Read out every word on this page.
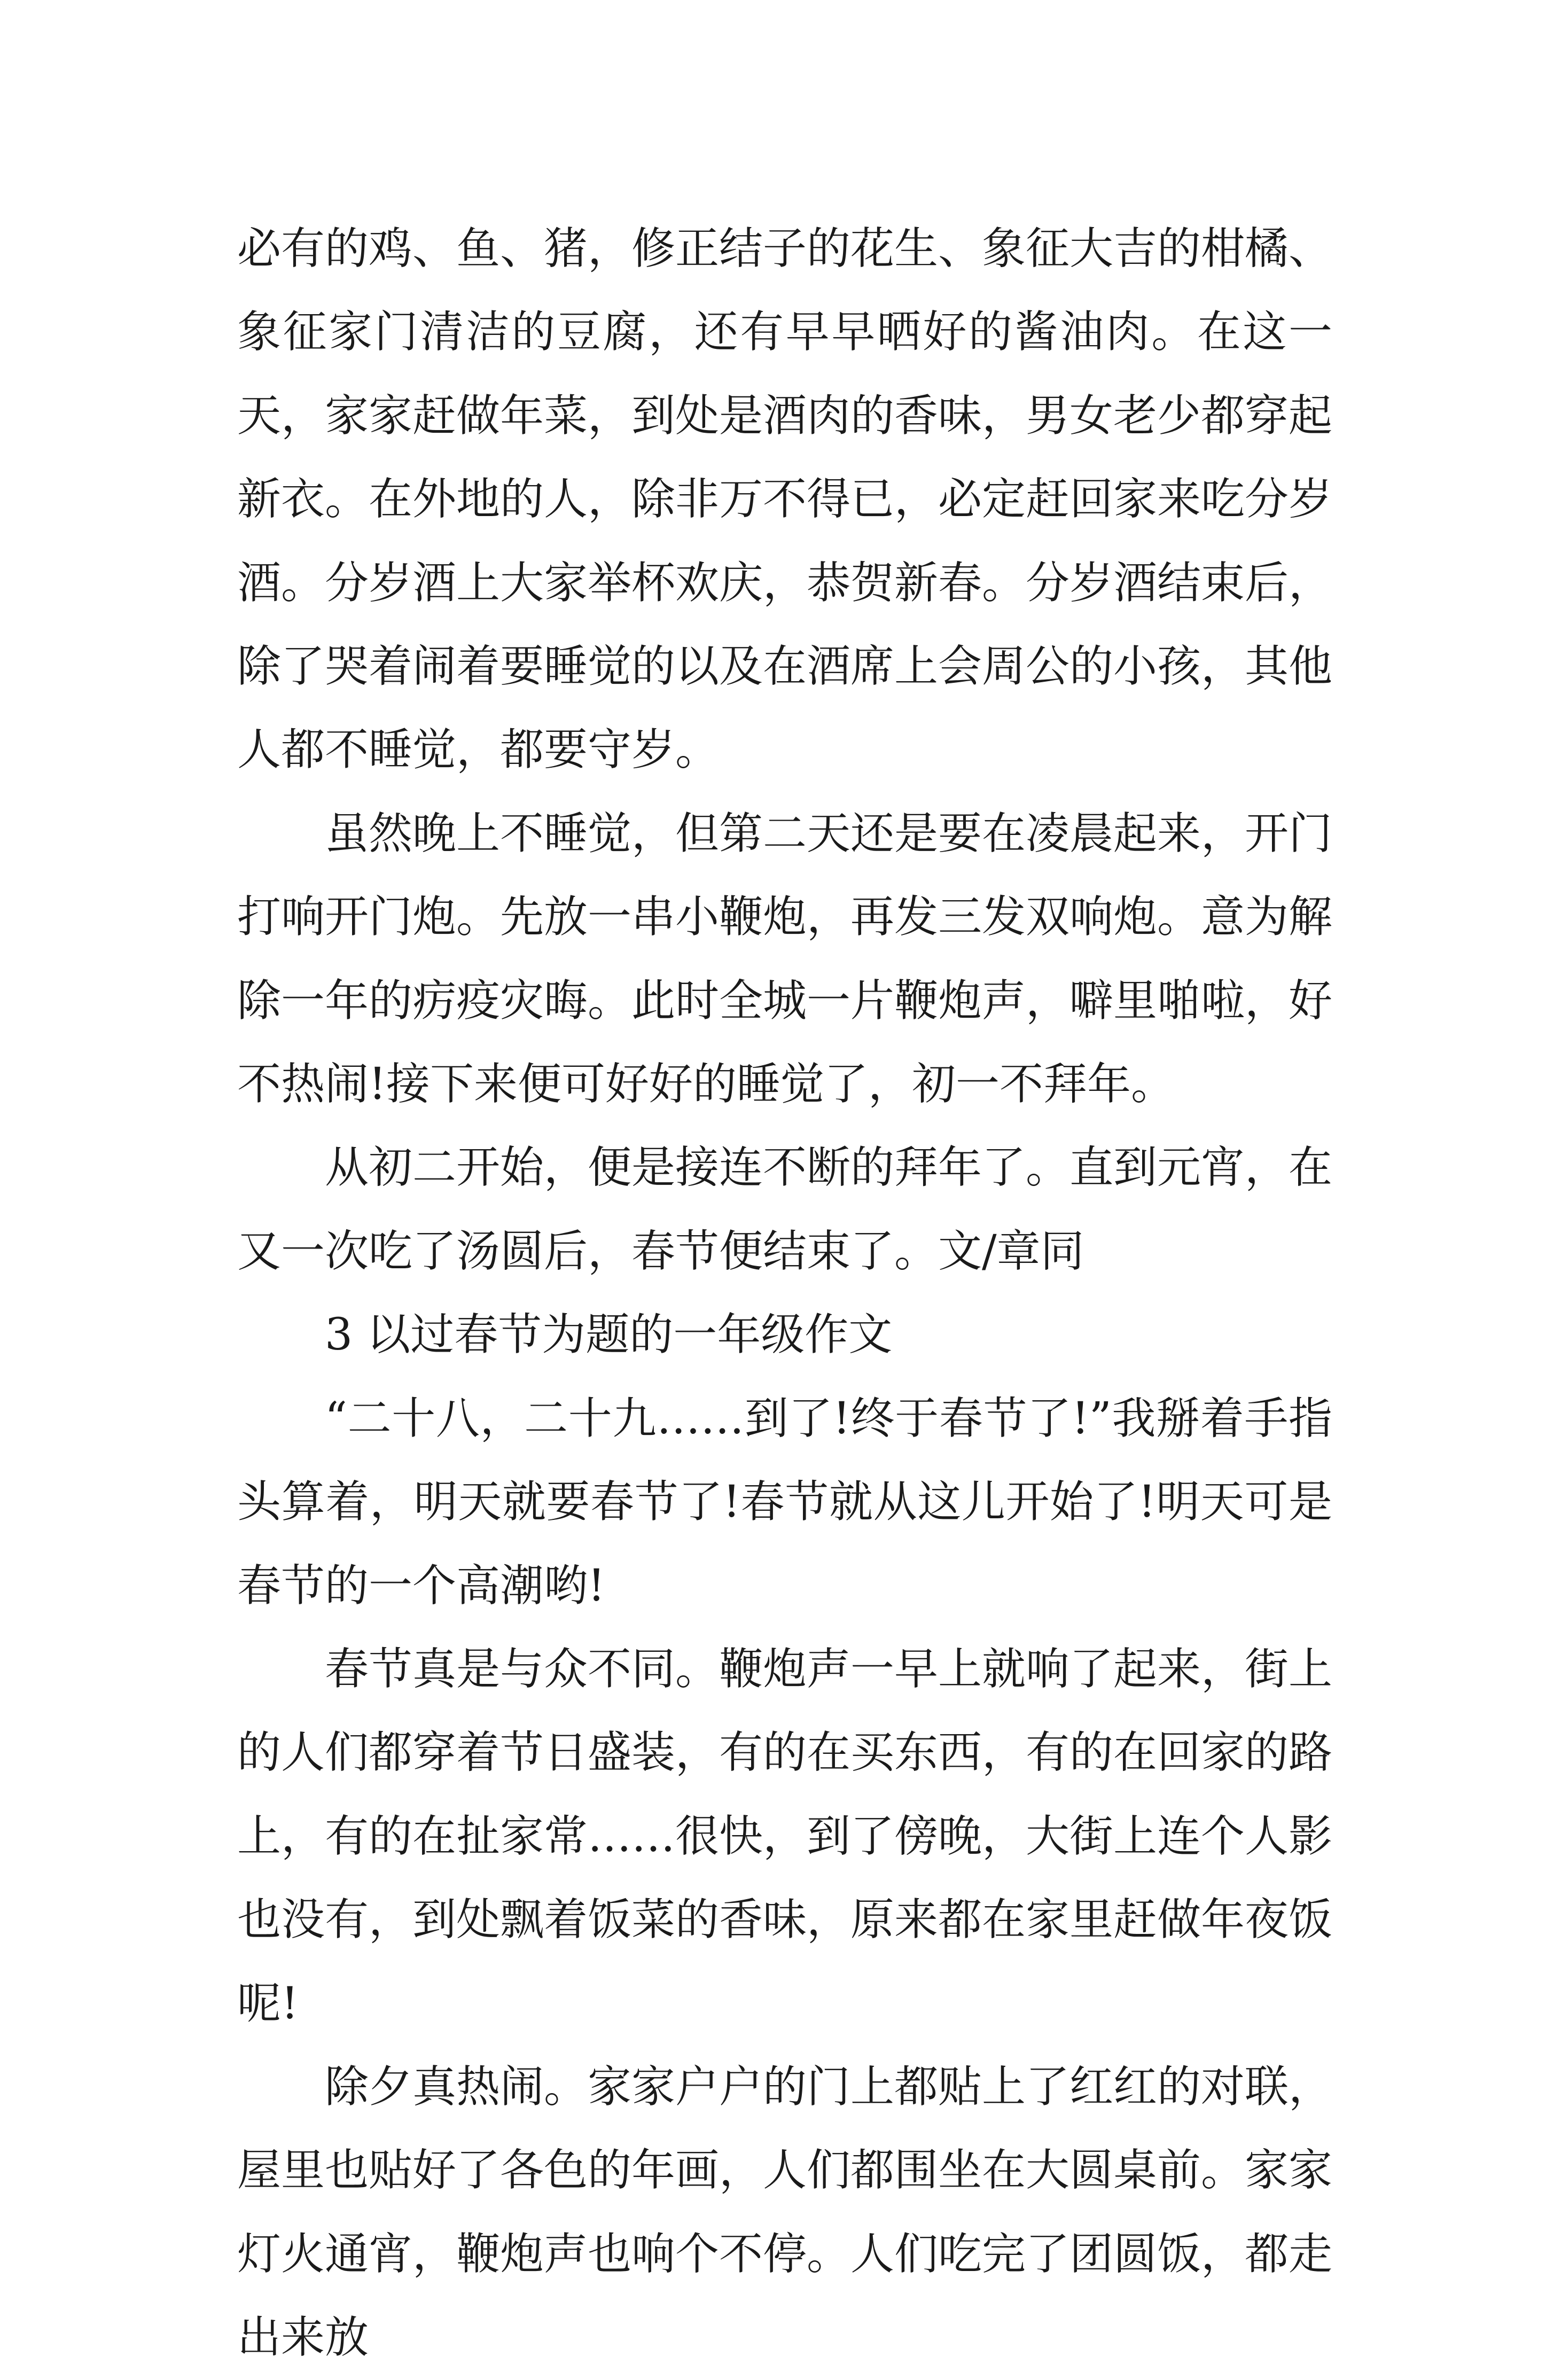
必有的鸡、鱼、猪，修正结子的花生、象征大吉的柑橘、象征家门清洁的豆腐，还有早早晒好的酱油肉。在这一天，家家赶做年菜，到处是酒肉的香味，男女老少都穿起新衣。在外地的人，除非万不得已，必定赶回家来吃分岁酒。分岁酒上大家举杯欢庆，恭贺新春。分岁酒结束后，除了哭着闹着要睡觉的以及在酒席上会周公的小孩，其他人都不睡觉，都要守岁。

虽然晚上不睡觉，但第二天还是要在凌晨起来，开门打响开门炮。先放一串小鞭炮，再发三发双响炮。意为解除一年的疠疫灾晦。此时全城一片鞭炮声，噼里啪啦，好不热闹!接下来便可好好的睡觉了，初一不拜年。

从初二开始，便是接连不断的拜年了。直到元宵，在又一次吃了汤圆后，春节便结束了。文/章同

3 以过春节为题的一年级作文

“二十八，二十九……到了!终于春节了!”我掰着手指头算着，明天就要春节了!春节就从这儿开始了!明天可是春节的一个高潮哟!

春节真是与众不同。鞭炮声一早上就响了起来，街上的人们都穿着节日盛装，有的在买东西，有的在回家的路上，有的在扯家常……很快，到了傍晚，大街上连个人影也没有，到处飘着饭菜的香味，原来都在家里赶做年夜饭呢!

除夕真热闹。家家户户的门上都贴上了红红的对联，屋里也贴好了各色的年画，人们都围坐在大圆桌前。家家灯火通宵，鞭炮声也响个不停。人们吃完了团圆饭，都走出来放
